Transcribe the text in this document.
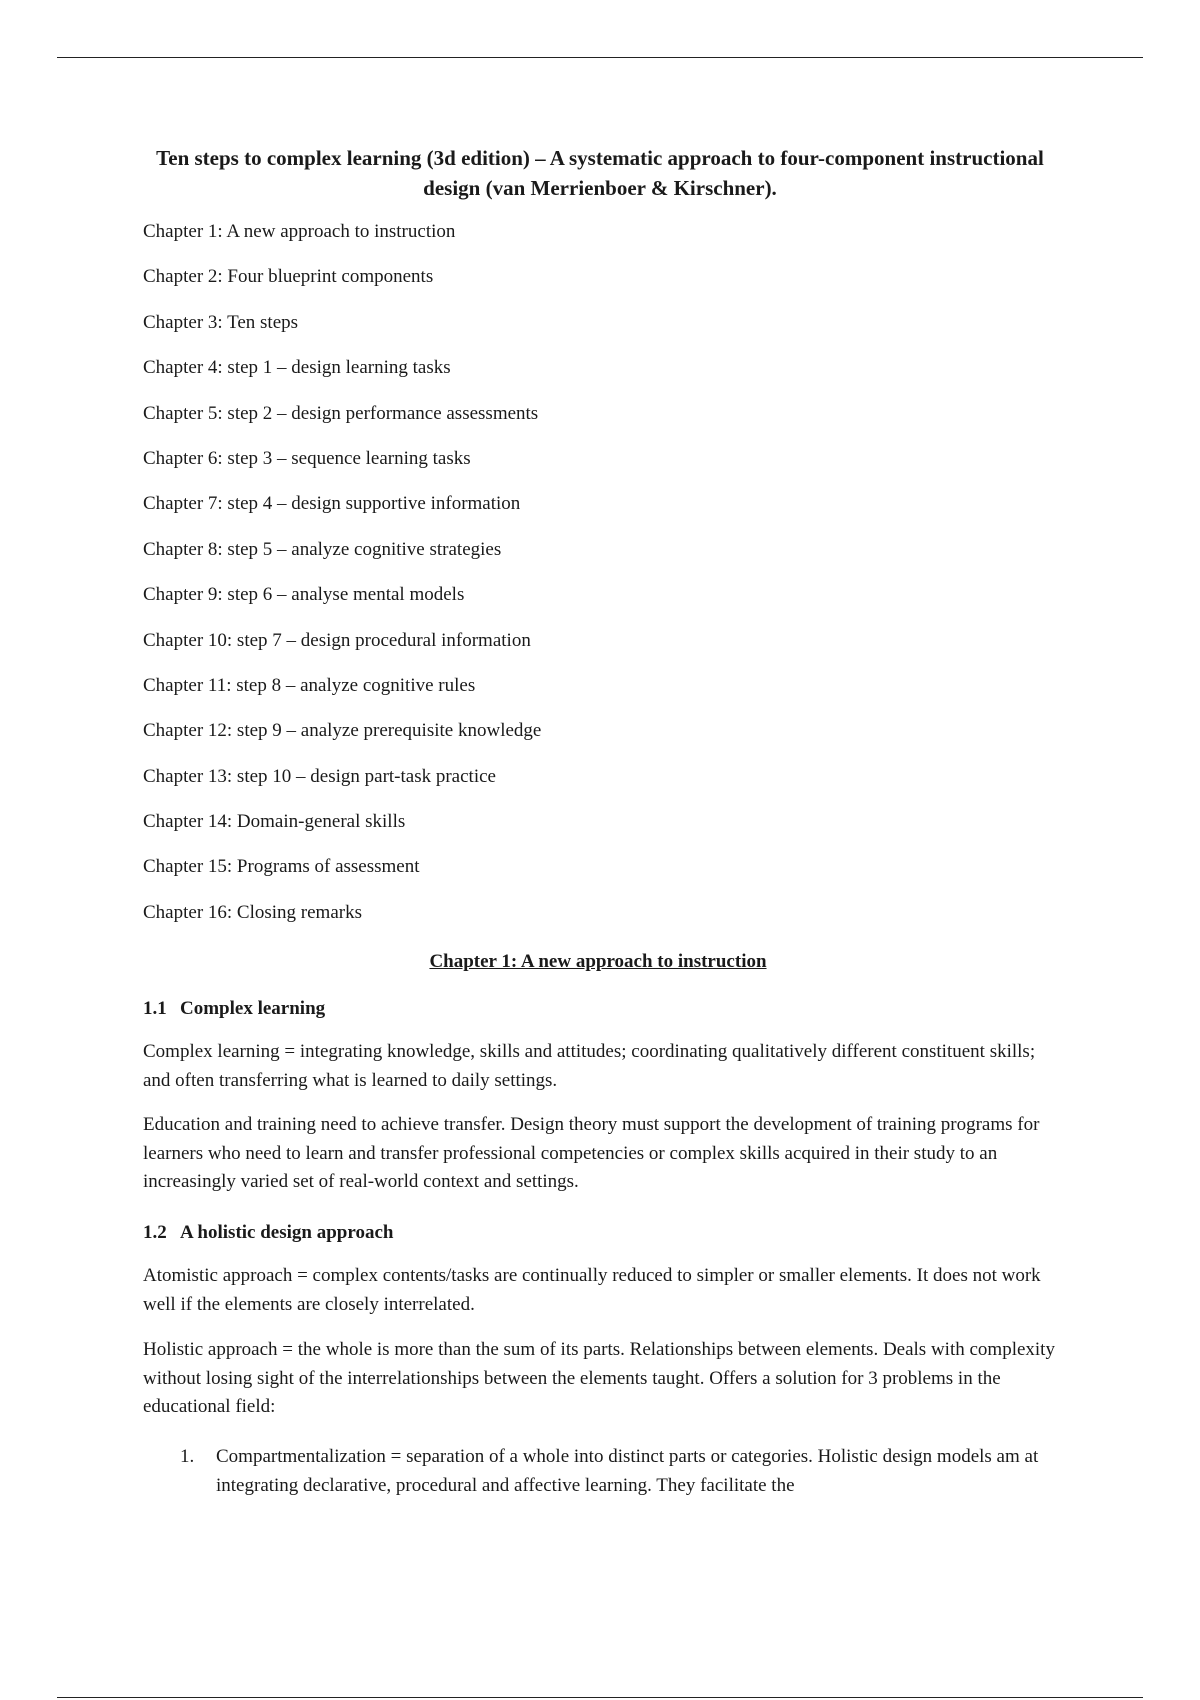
Ten steps to complex learning (3d edition) – A systematic approach to four-component instructional design (van Merrienboer & Kirschner).
Chapter 1: A new approach to instruction
Chapter 2: Four blueprint components
Chapter 3: Ten steps
Chapter 4: step 1 – design learning tasks
Chapter 5: step 2 – design performance assessments
Chapter 6: step 3 – sequence learning tasks
Chapter 7: step 4 – design supportive information
Chapter 8: step 5 – analyze cognitive strategies
Chapter 9: step 6 – analyse mental models
Chapter 10: step 7 – design procedural information
Chapter 11: step 8 – analyze cognitive rules
Chapter 12: step 9 – analyze prerequisite knowledge
Chapter 13: step 10 – design part-task practice
Chapter 14: Domain-general skills
Chapter 15: Programs of assessment
Chapter 16: Closing remarks
Chapter 1: A new approach to instruction
1.1 Complex learning

Complex learning = integrating knowledge, skills and attitudes; coordinating qualitatively different constituent skills; and often transferring what is learned to daily settings.

Education and training need to achieve transfer. Design theory must support the development of training programs for learners who need to learn and transfer professional competencies or complex skills acquired in their study to an increasingly varied set of real-world context and settings.

1.2 A holistic design approach

Atomistic approach = complex contents/tasks are continually reduced to simpler or smaller elements. It does not work well if the elements are closely interrelated.

Holistic approach = the whole is more than the sum of its parts. Relationships between elements. Deals with complexity without losing sight of the interrelationships between the elements taught. Offers a solution for 3 problems in the educational field:

1. Compartmentalization = separation of a whole into distinct parts or categories. Holistic design models am at integrating declarative, procedural and affective learning. They facilitate the
